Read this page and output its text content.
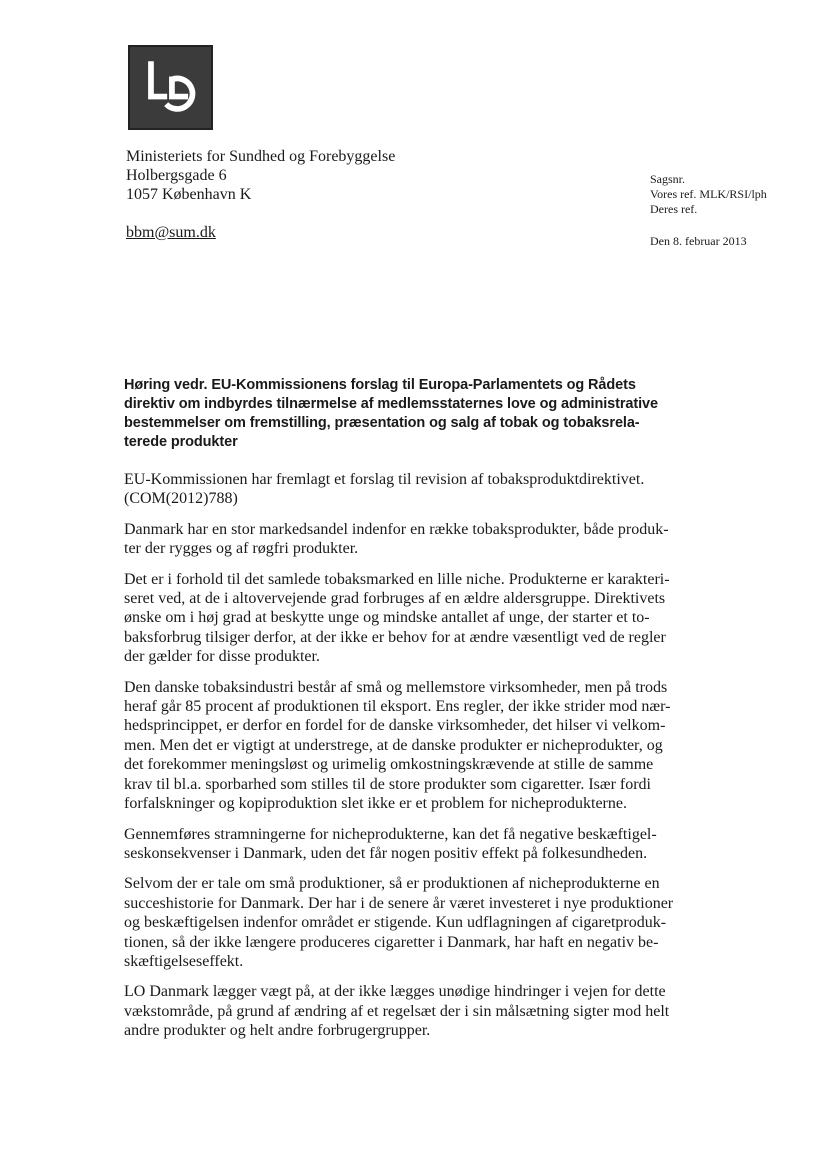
Ministeriets for Sundhed og Forebyggelse
Holbergsgade 6
1057 København K
bbm@sum.dk
Sagsnr.
Vores ref. MLK/RSI/lph
Deres ref.
Den 8. februar 2013
Høring vedr. EU-Kommissionens forslag til Europa-Parlamentets og Rådets
direktiv om indbyrdes tilnærmelse af medlemsstaternes love og administrative
bestemmelser om fremstilling, præsentation og salg af tobak og tobaksrela-
terede produkter

EU-Kommissionen har fremlagt et forslag til revision af tobaksproduktdirektivet.
(COM(2012)788)

Danmark har en stor markedsandel indenfor en række tobaksprodukter, både produk-
ter der rygges og af røgfri produkter.

Det er i forhold til det samlede tobaksmarked en lille niche. Produkterne er karakteri-
seret ved, at de i altovervejende grad forbruges af en ældre aldersgruppe. Direktivets
ønske om i høj grad at beskytte unge og mindske antallet af unge, der starter et to-
baksforbrug tilsiger derfor, at der ikke er behov for at ændre væsentligt ved de regler
der gælder for disse produkter.

Den danske tobaksindustri består af små og mellemstore virksomheder, men på trods
heraf går 85 procent af produktionen til eksport. Ens regler, der ikke strider mod nær-
hedsprincippet, er derfor en fordel for de danske virksomheder, det hilser vi velkom-
men. Men det er vigtigt at understrege, at de danske produkter er nicheprodukter, og
det forekommer meningsløst og urimelig omkostningskrævende at stille de samme
krav til bl.a. sporbarhed som stilles til de store produkter som cigaretter. Især fordi
forfalskninger og kopiproduktion slet ikke er et problem for nicheprodukterne.

Gennemføres stramningerne for nicheprodukterne, kan det få negative beskæftigel-
seskonsekvenser i Danmark, uden det får nogen positiv effekt på folkesundheden.

Selvom der er tale om små produktioner, så er produktionen af nicheprodukterne en
succeshistorie for Danmark. Der har i de senere år været investeret i nye produktioner
og beskæftigelsen indenfor området er stigende. Kun udflagningen af cigaretproduk-
tionen, så der ikke længere produceres cigaretter i Danmark, har haft en negativ be-
skæftigelseseffekt.

LO Danmark lægger vægt på, at der ikke lægges unødige hindringer i vejen for dette
vækstområde, på grund af ændring af et regelsæt der i sin målsætning sigter mod helt
andre produkter og helt andre forbrugergrupper.
